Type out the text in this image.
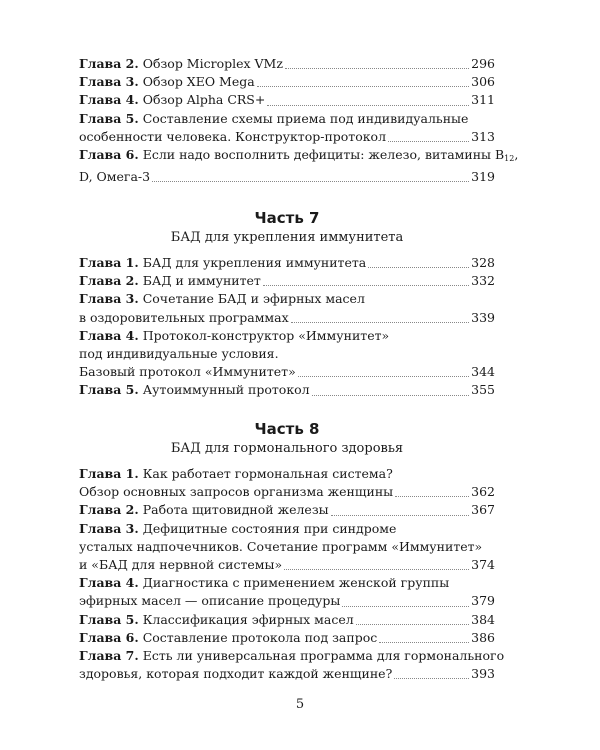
Глава 2. Обзор Microplex VMz	296
Глава 3. Обзор XEO Mega	306
Глава 4. Обзор Alpha CRS+	311
Глава 5. Составление схемы приема под индивидуальные
особенности человека. Конструктор-протокол	313
Глава 6. Если надо восполнить дефициты: железо, витамины $B_{12}$,
D, Омега-3	319
Часть 7
БАД для укрепления иммунитета
Глава 1. БАД для укрепления иммунитета	328
Глава 2. БАД и иммунитет	332
Глава 3. Сочетание БАД и эфирных масел
в оздоровительных программах	339
Глава 4. Протокол-конструктор «Иммунитет»
под индивидуальные условия.
Базовый протокол «Иммунитет»	344
Глава 5. Аутоиммунный протокол	355
Часть 8
БАД для гормонального здоровья
Глава 1. Как работает гормональная система?
Обзор основных запросов организма женщины	362
Глава 2. Работа щитовидной железы	367
Глава 3. Дефицитные состояния при синдроме
усталых надпочечников. Сочетание программ «Иммунитет»
и «БАД для нервной системы»	374
Глава 4. Диагностика с применением женской группы
эфирных масел — описание процедуры	379
Глава 5. Классификация эфирных масел	384
Глава 6. Составление протокола под запрос	386
Глава 7. Есть ли универсальная программа для гормонального
здоровья, которая подходит каждой женщине?	393
5
